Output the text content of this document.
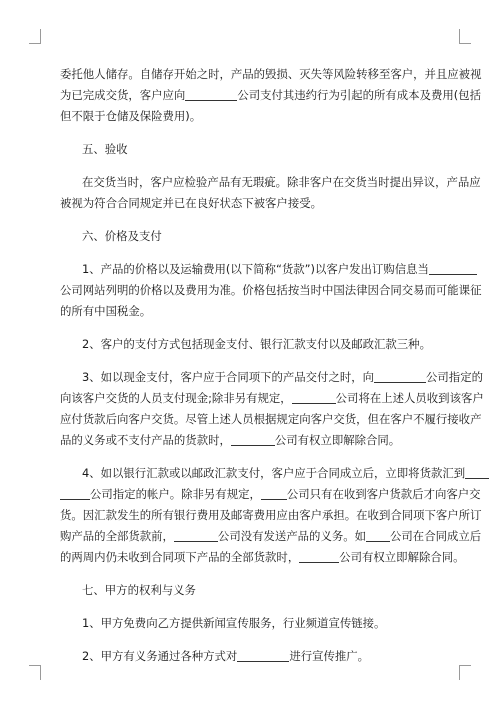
委托他人储存。自储存开始之时，产品的毁损、灭失等风险转移至客户，并且应被视
为已完成交货，客户应向	公司支付其违约行为引起的所有成本及费用(包括
但不限于仓储及保险费用)。
五、验收
在交货当时，客户应检验产品有无瑕疵。除非客户在交货当时提出异议，产品应
被视为符合合同规定并已在良好状态下被客户接受。
六、价格及支付
1、产品的价格以及运输费用(以下简称“货款”)以客户发出订购信息当
公司网站列明的价格以及费用为准。价格包括按当时中国法律因合同交易而可能课征
的所有中国税金。
2、客户的支付方式包括现金支付、银行汇款支付以及邮政汇款三种。
3、如以现金支付，客户应于合同项下的产品交付之时，向	公司指定的
向该客户交货的人员支付现金;除非另有规定，	公司将在上述人员收到该客户
应付货款后向客户交货。尽管上述人员根据规定向客户交货，但在客户不履行接收产
品的义务或不支付产品的货款时，	公司有权立即解除合同。
4、如以银行汇款或以邮政汇款支付，客户应于合同成立后，立即将货款汇到
公司指定的帐户。除非另有规定， 公司只有在收到客户货款后才向客户交
货。因汇款发生的所有银行费用及邮寄费用应由客户承担。在收到合同项下客户所订
购产品的全部货款前，	公司没有发送产品的义务。如 公司在合同成立后
的两周内仍未收到合同项下产品的全部货款时，	公司有权立即解除合同。
七、甲方的权利与义务
1、甲方免费向乙方提供新闻宣传服务，行业频道宣传链接。
2、甲方有义务通过各种方式对	进行宣传推广。
